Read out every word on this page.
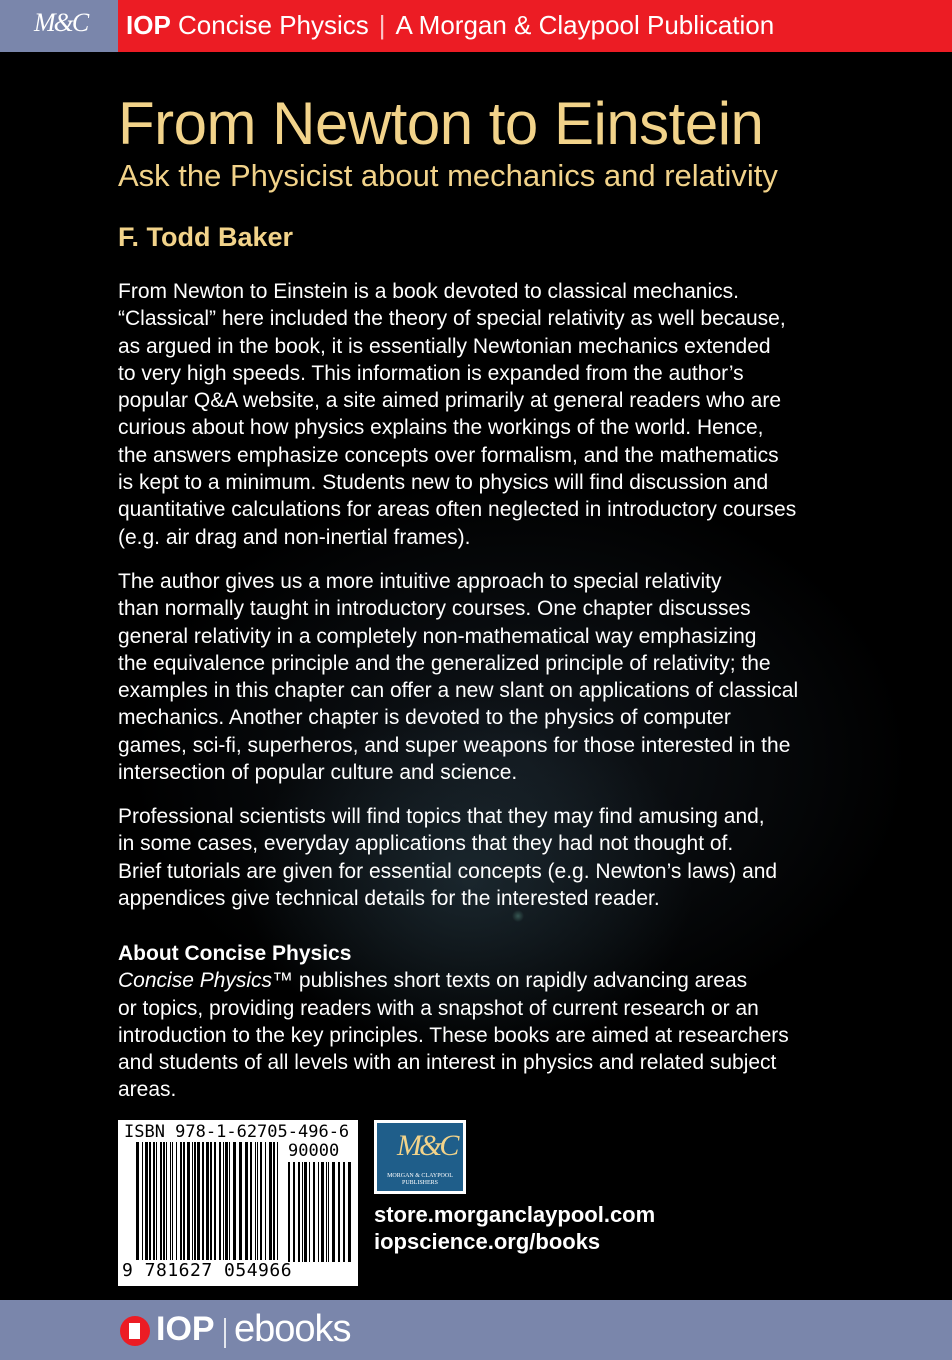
M&C IOP Concise Physics | A Morgan & Claypool Publication
From Newton to Einstein
Ask the Physicist about mechanics and relativity
F. Todd Baker
From Newton to Einstein is a book devoted to classical mechanics.
“Classical” here included the theory of special relativity as well because,
as argued in the book, it is essentially Newtonian mechanics extended
to very high speeds. This information is expanded from the author’s
popular Q&A website, a site aimed primarily at general readers who are
curious about how physics explains the workings of the world. Hence,
the answers emphasize concepts over formalism, and the mathematics
is kept to a minimum. Students new to physics will find discussion and
quantitative calculations for areas often neglected in introductory courses
(e.g. air drag and non-inertial frames).
The author gives us a more intuitive approach to special relativity
than normally taught in introductory courses. One chapter discusses
general relativity in a completely non-mathematical way emphasizing
the equivalence principle and the generalized principle of relativity; the
examples in this chapter can offer a new slant on applications of classical
mechanics. Another chapter is devoted to the physics of computer
games, sci-fi, superheros, and super weapons for those interested in the
intersection of popular culture and science.
Professional scientists will find topics that they may find amusing and,
in some cases, everyday applications that they had not thought of.
Brief tutorials are given for essential concepts (e.g. Newton’s laws) and
appendices give technical details for the interested reader.
About Concise Physics
Concise Physics™ publishes short texts on rapidly advancing areas
or topics, providing readers with a snapshot of current research or an
introduction to the key principles. These books are aimed at researchers
and students of all levels with an interest in physics and related subject
areas.
ISBN 978-1-62705-496-6
90000
9 781627 054966
M&C
MORGAN & CLAYPOOL
PUBLISHERS
store.morganclaypool.com
iopscience.org/books
IOP ebooks
